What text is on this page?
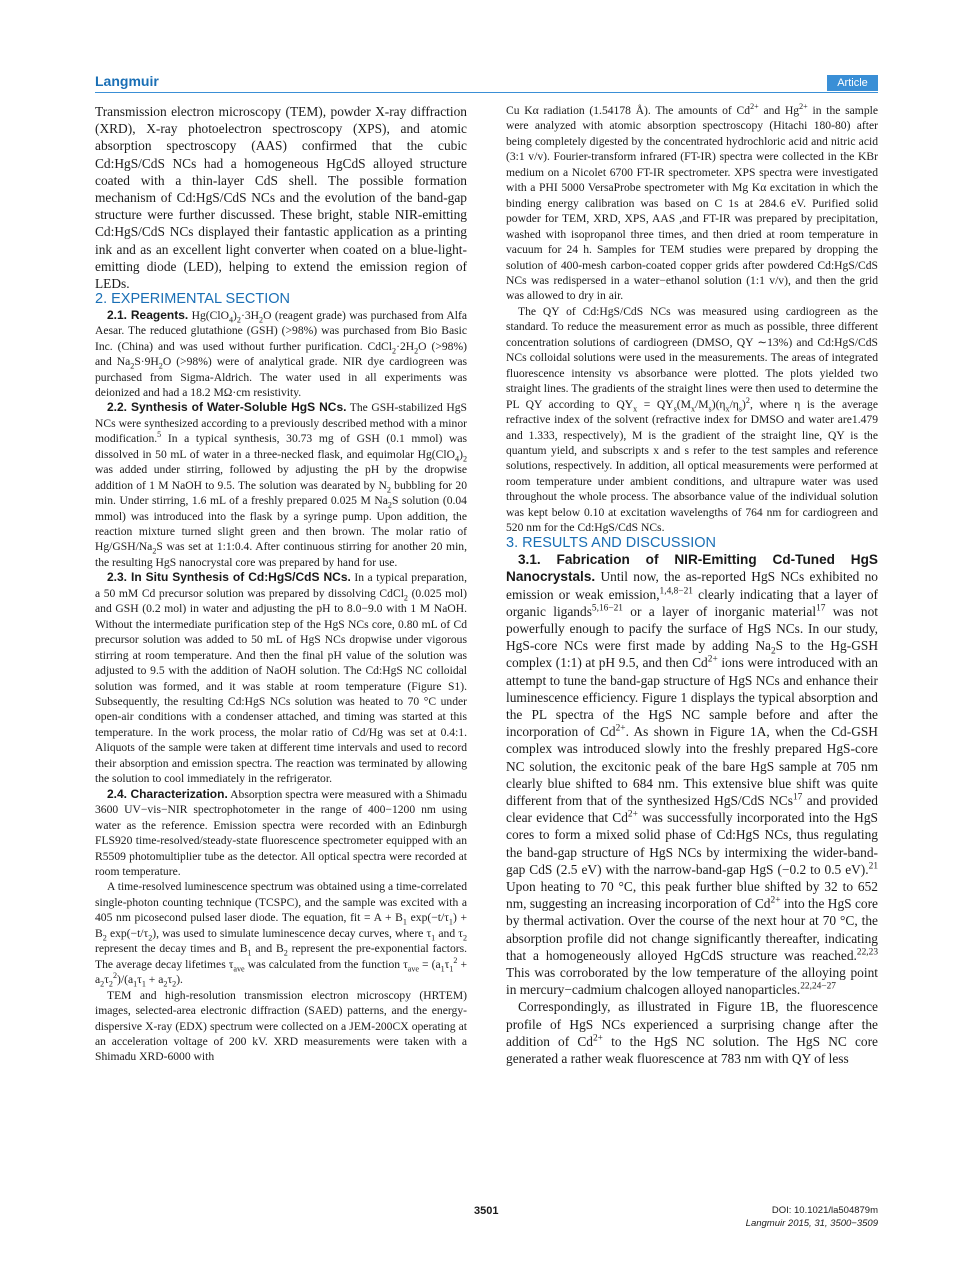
Langmuir	Article

Transmission electron microscopy (TEM), powder X-ray diffraction (XRD), X-ray photoelectron spectroscopy (XPS), and atomic absorption spectroscopy (AAS) confirmed that the cubic Cd:HgS/CdS NCs had a homogeneous HgCdS alloyed structure coated with a thin-layer CdS shell. The possible formation mechanism of Cd:HgS/CdS NCs and the evolution of the band-gap structure were further discussed. These bright, stable NIR-emitting Cd:HgS/CdS NCs displayed their fantastic application as a printing ink and as an excellent light converter when coated on a blue-light-emitting diode (LED), helping to extend the emission region of LEDs.

2. EXPERIMENTAL SECTION

2.1. Reagents. $Hg(ClO_4)_2\cdot 3H_2O$ (reagent grade) was purchased from Alfa Aesar. The reduced glutathione (GSH) (>98%) was purchased from Bio Basic Inc. (China) and was used without further purification. $CdCl_2\cdot 2H_2O$ (>98%) and $Na_2S\cdot 9H_2O$ (>98%) were of analytical grade. NIR dye cardiogreen was purchased from Sigma-Aldrich. The water used in all experiments was deionized and had a 18.2 MΩ·cm resistivity.

2.2. Synthesis of Water-Soluble HgS NCs. The GSH-stabilized HgS NCs were synthesized according to a previously described method with a minor modification.$^5$ In a typical synthesis, 30.73 mg of GSH (0.1 mmol) was dissolved in 50 mL of water in a three-necked flask, and equimolar $Hg(ClO_4)_2$ was added under stirring, followed by adjusting the pH by the dropwise addition of 1 M NaOH to 9.5. The solution was dearated by $N_2$ bubbling for 20 min. Under stirring, 1.6 mL of a freshly prepared 0.025 M $Na_2S$ solution (0.04 mmol) was introduced into the flask by a syringe pump. Upon addition, the reaction mixture turned slight green and then brown. The molar ratio of $Hg/GSH/Na_2S$ was set at 1:1:0.4. After continuous stirring for another 20 min, the resulting HgS nanocrystal core was prepared by hand for use.

2.3. In Situ Synthesis of Cd:HgS/CdS NCs. In a typical preparation, a 50 mM Cd precursor solution was prepared by dissolving CdCl$_2$ (0.025 mol) and GSH (0.2 mol) in water and adjusting the pH to 8.0−9.0 with 1 M NaOH. Without the intermediate purification step of the HgS NCs core, 0.80 mL of Cd precursor solution was added to 50 mL of HgS NCs dropwise under vigorous stirring at room temperature. And then the final pH value of the solution was adjusted to 9.5 with the addition of NaOH solution. The Cd:HgS NC colloidal solution was formed, and it was stable at room temperature (Figure S1). Subsequently, the resulting Cd:HgS NCs solution was heated to 70 °C under open-air conditions with a condenser attached, and timing was started at this temperature. In the work process, the molar ratio of Cd/Hg was set at 0.4:1. Aliquots of the sample were taken at different time intervals and used to record their absorption and emission spectra. The reaction was terminated by allowing the solution to cool immediately in the refrigerator.

2.4. Characterization. Absorption spectra were measured with a Shimadu 3600 UV−vis−NIR spectrophotometer in the range of 400−1200 nm using water as the reference. Emission spectra were recorded with an Edinburgh FLS920 time-resolved/steady-state fluorescence spectrometer equipped with an R5509 photomultiplier tube as the detector. All optical spectra were recorded at room temperature.

A time-resolved luminescence spectrum was obtained using a time-correlated single-photon counting technique (TCSPC), and the sample was excited with a 405 nm picosecond pulsed laser diode. The equation, fit = $A + B_1$ $\exp(-t/\tau_1) + B_2$ $\exp(-t/\tau_2)$, was used to simulate luminescence decay curves, where $\tau_1$ and $\tau_2$ represent the decay times and $B_1$ and $B_2$ represent the pre-exponential factors. The average decay lifetimes $\tau_{ave}$ was calculated from the function $\tau_{ave} = (a_1\tau_1^2 + a_2\tau_2^2)/(a_1\tau_1 + a_2\tau_2)$.

TEM and high-resolution transmission electron microscopy (HRTEM) images, selected-area electronic diffraction (SAED) patterns, and the energy-dispersive X-ray (EDX) spectrum were collected on a JEM-200CX operating at an acceleration voltage of 200 kV. XRD measurements were taken with a Shimadu XRD-6000 with

Cu Kα radiation (1.54178 Å). The amounts of $Cd^{2+}$ and $Hg^{2+}$ in the sample were analyzed with atomic absorption spectroscopy (Hitachi 180-80) after being completely digested by the concentrated hydrochloric acid and nitric acid (3:1 v/v). Fourier-transform infrared (FT-IR) spectra were collected in the KBr medium on a Nicolet 6700 FT-IR spectrometer. XPS spectra were investigated with a PHI 5000 VersaProbe spectrometer with Mg Kα excitation in which the binding energy calibration was based on C 1s at 284.6 eV. Purified solid powder for TEM, XRD, XPS, AAS ,and FT-IR was prepared by precipitation, washed with isopropanol three times, and then dried at room temperature in vacuum for 24 h. Samples for TEM studies were prepared by dropping the solution of 400-mesh carbon-coated copper grids after powdered Cd:HgS/CdS NCs was redispersed in a water−ethanol solution (1:1 v/v), and then the grid was allowed to dry in air.

The QY of Cd:HgS/CdS NCs was measured using cardiogreen as the standard. To reduce the measurement error as much as possible, three different concentration solutions of cardiogreen (DMSO, QY ∼13%) and Cd:HgS/CdS NCs colloidal solutions were used in the measurements. The areas of integrated fluorescence intensity vs absorbance were plotted. The plots yielded two straight lines. The gradients of the straight lines were then used to determine the PL QY according to $QY_x = QY_s(M_x/M_s)(\eta_x/\eta_s)^2$, where η is the average refractive index of the solvent (refractive index for DMSO and water are1.479 and 1.333, respectively), M is the gradient of the straight line, QY is the quantum yield, and subscripts x and s refer to the test samples and reference solutions, respectively. In addition, all optical measurements were performed at room temperature under ambient conditions, and ultrapure water was used throughout the whole process. The absorbance value of the individual solution was kept below 0.10 at excitation wavelengths of 764 nm for cardiogreen and 520 nm for the Cd:HgS/CdS NCs.

3. RESULTS AND DISCUSSION

3.1. Fabrication of NIR-Emitting Cd-Tuned HgS Nanocrystals. Until now, the as-reported HgS NCs exhibited no emission or weak emission,$^{1,4,8-21}$ clearly indicating that a layer of organic ligands$^{5,16-21}$ or a layer of inorganic material$^{17}$ was not powerfully enough to pacify the surface of HgS NCs. In our study, HgS-core NCs were first made by adding $Na_2S$ to the Hg-GSH complex (1:1) at pH 9.5, and then $Cd^{2+}$ ions were introduced with an attempt to tune the band-gap structure of HgS NCs and enhance their luminescence efficiency. Figure 1 displays the typical absorption and the PL spectra of the HgS NC sample before and after the incorporation of $Cd^{2+}$. As shown in Figure 1A, when the Cd-GSH complex was introduced slowly into the freshly prepared HgS-core NC solution, the excitonic peak of the bare HgS sample at 705 nm clearly blue shifted to 684 nm. This extensive blue shift was quite different from that of the synthesized HgS/CdS NCs$^{17}$ and provided clear evidence that $Cd^{2+}$ was successfully incorporated into the HgS cores to form a mixed solid phase of Cd:HgS NCs, thus regulating the band-gap structure of HgS NCs by intermixing the wider-band-gap CdS (2.5 eV) with the narrow-band-gap HgS (−0.2 to 0.5 eV).$^{21}$ Upon heating to 70 °C, this peak further blue shifted by 32 to 652 nm, suggesting an increasing incorporation of $Cd^{2+}$ into the HgS core by thermal activation. Over the course of the next hour at 70 °C, the absorption profile did not change significantly thereafter, indicating that a homogeneously alloyed HgCdS structure was reached.$^{22,23}$ This was corroborated by the low temperature of the alloying point in mercury−cadmium chalcogen alloyed nanoparticles.$^{22,24-27}$

Correspondingly, as illustrated in Figure 1B, the fluorescence profile of HgS NCs experienced a surprising change after the addition of $Cd^{2+}$ to the HgS NC solution. The HgS NC core generated a rather weak fluorescence at 783 nm with QY of less

3501	DOI: 10.1021/la504879m
Langmuir 2015, 31, 3500−3509
